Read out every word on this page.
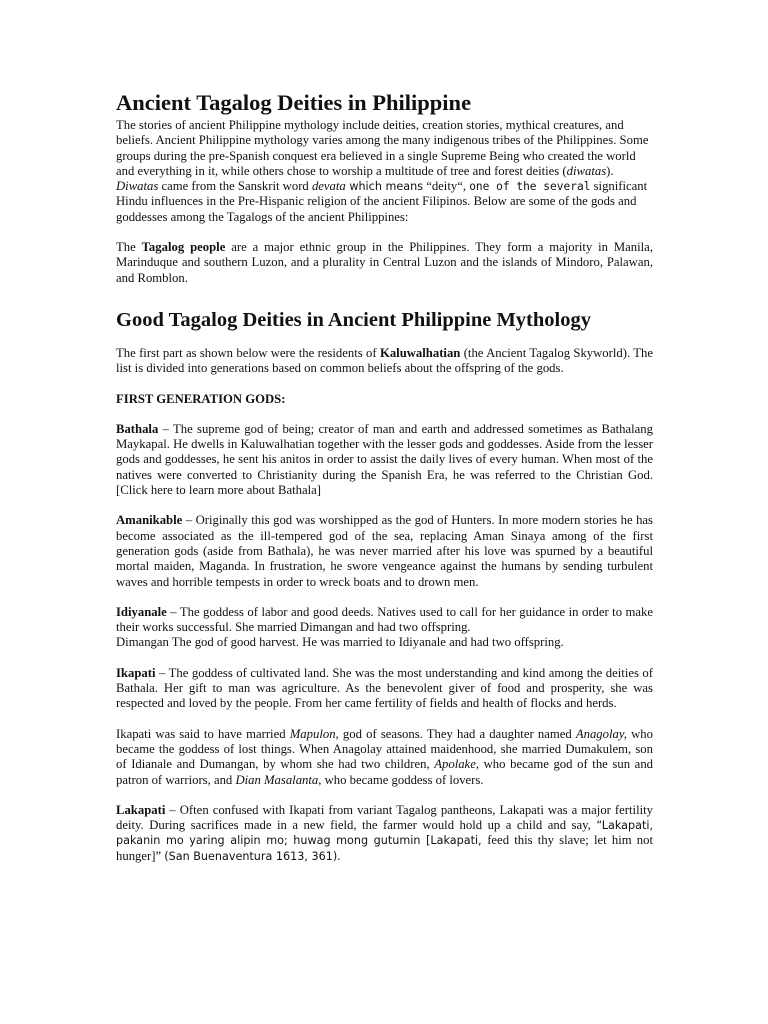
Ancient Tagalog Deities in Philippine

The stories of ancient Philippine mythology include deities, creation stories, mythical creatures, and beliefs. Ancient Philippine mythology varies among the many indigenous tribes of the Philippines. Some groups during the pre-Spanish conquest era believed in a single Supreme Being who created the world and everything in it, while others chose to worship a multitude of tree and forest deities (diwatas). Diwatas came from the Sanskrit word devata which means “deity“, one of the several significant Hindu influences in the Pre-Hispanic religion of the ancient Filipinos. Below are some of the gods and goddesses among the Tagalogs of the ancient Philippines:

The Tagalog people are a major ethnic group in the Philippines. They form a majority in Manila, Marinduque and southern Luzon, and a plurality in Central Luzon and the islands of Mindoro, Palawan, and Romblon.

Good Tagalog Deities in Ancient Philippine Mythology

The first part as shown below were the residents of Kaluwalhatian (the Ancient Tagalog Skyworld). The list is divided into generations based on common beliefs about the offspring of the gods.

FIRST GENERATION GODS:

Bathala – The supreme god of being; creator of man and earth and addressed sometimes as Bathalang Maykapal. He dwells in Kaluwalhatian together with the lesser gods and goddesses. Aside from the lesser gods and goddesses, he sent his anitos in order to assist the daily lives of every human. When most of the natives were converted to Christianity during the Spanish Era, he was referred to the Christian God. [Click here to learn more about Bathala]

Amanikable – Originally this god was worshipped as the god of Hunters. In more modern stories he has become associated as the ill-tempered god of the sea, replacing Aman Sinaya among of the first generation gods (aside from Bathala), he was never married after his love was spurned by a beautiful mortal maiden, Maganda. In frustration, he swore vengeance against the humans by sending turbulent waves and horrible tempests in order to wreck boats and to drown men.

Idiyanale – The goddess of labor and good deeds. Natives used to call for her guidance in order to make their works successful. She married Dimangan and had two offspring.
Dimangan The god of good harvest. He was married to Idiyanale and had two offspring.

Ikapati – The goddess of cultivated land. She was the most understanding and kind among the deities of Bathala. Her gift to man was agriculture. As the benevolent giver of food and prosperity, she was respected and loved by the people. From her came fertility of fields and health of flocks and herds.

Ikapati was said to have married Mapulon, god of seasons. They had a daughter named Anagolay, who became the goddess of lost things. When Anagolay attained maidenhood, she married Dumakulem, son of Idianale and Dumangan, by whom she had two children, Apolake, who became god of the sun and patron of warriors, and Dian Masalanta, who became goddess of lovers.

Lakapati – Often confused with Ikapati from variant Tagalog pantheons, Lakapati was a major fertility deity. During sacrifices made in a new field, the farmer would hold up a child and say, “Lakapati, pakanin mo yaring alipin mo; huwag mong gutumin [Lakapati, feed this thy slave; let him not hunger]” (San Buenaventura 1613, 361).
